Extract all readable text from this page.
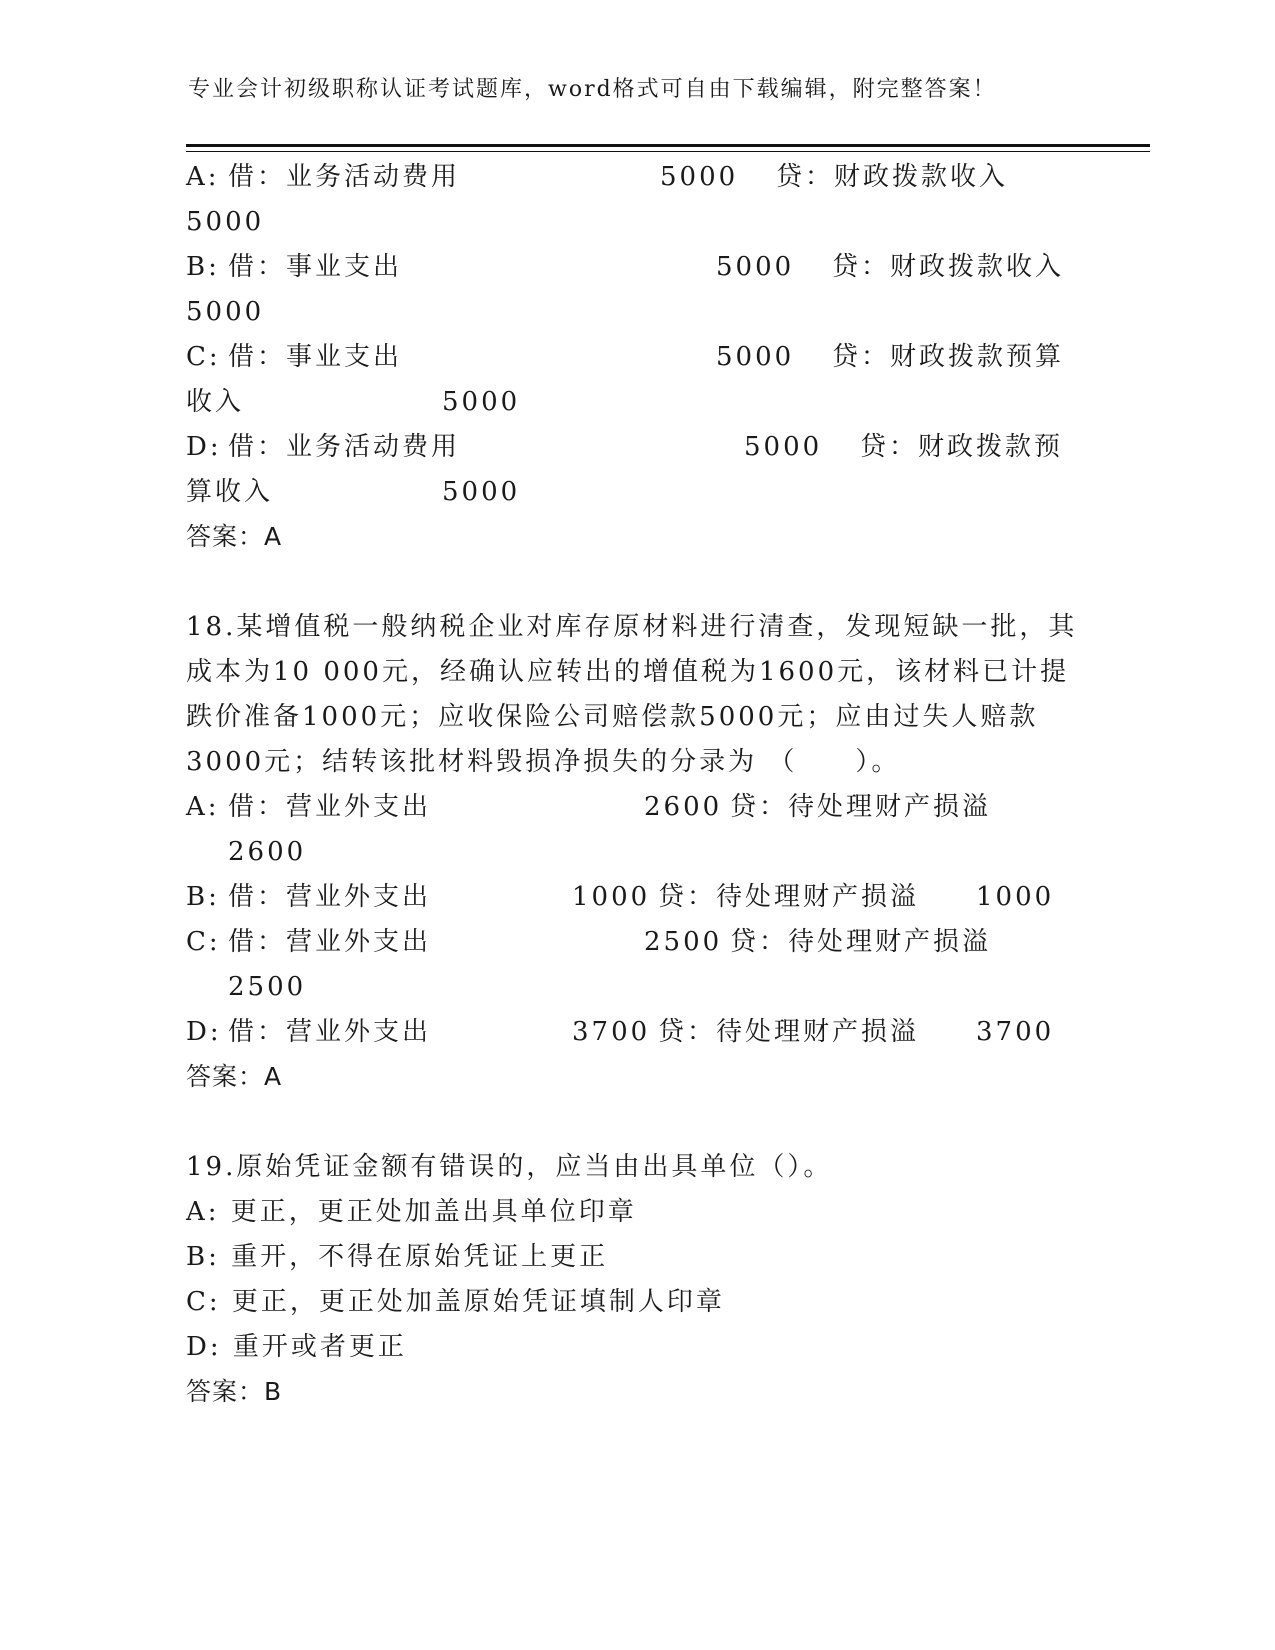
专业会计初级职称认证考试题库，word格式可自由下载编辑，附完整答案！
A: 借：业务活动费用	5000 贷：财政拨款收入
5000
B: 借：事业支出	5000 贷：财政拨款收入
5000
C: 借：事业支出	5000 贷：财政拨款预算
收入	5000
D: 借：业务活动费用	5000 贷：财政拨款预
算收入	5000
答案：A
18.某增值税一般纳税企业对库存原材料进行清查，发现短缺一批，其
成本为10 000元，经确认应转出的增值税为1600元，该材料已计提
跌价准备1000元；应收保险公司赔偿款5000元；应由过失人赔款
3000元；结转该批材料毁损净损失的分录为 （　　）。
A: 借：营业外支出	2600 贷：待处理财产损溢
2600
B: 借：营业外支出	1000 贷：待处理财产损溢 1000
C: 借：营业外支出	2500 贷：待处理财产损溢
2500
D: 借：营业外支出	3700 贷：待处理财产损溢 3700
答案：A
19.原始凭证金额有错误的，应当由出具单位（）。
A: 更正，更正处加盖出具单位印章
B: 重开，不得在原始凭证上更正
C: 更正，更正处加盖原始凭证填制人印章
D: 重开或者更正
答案：B
